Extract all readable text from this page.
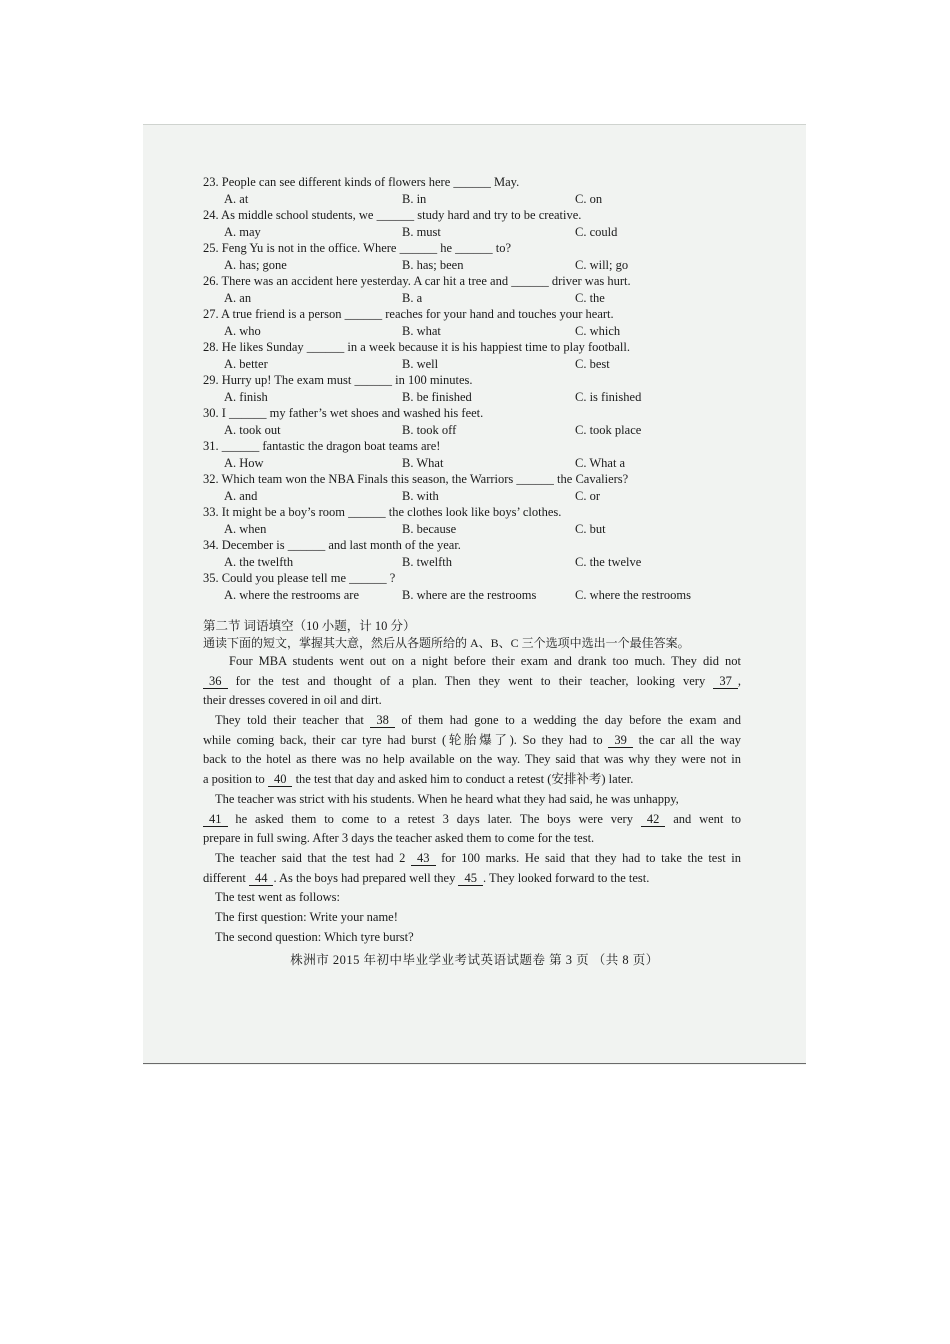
23. People can see different kinds of flowers here ______ May.
A. at	B. in	C. on
24. As middle school students, we ______ study hard and try to be creative.
A. may	B. must	C. could
25. Feng Yu is not in the office. Where ______ he ______ to?
A. has; gone	B. has; been	C. will; go
26. There was an accident here yesterday. A car hit a tree and ______ driver was hurt.
A. an	B. a	C. the
27. A true friend is a person ______ reaches for your hand and touches your heart.
A. who	B. what	C. which
28. He likes Sunday ______ in a week because it is his happiest time to play football.
A. better	B. well	C. best
29. Hurry up! The exam must ______ in 100 minutes.
A. finish	B. be finished	C. is finished
30. I ______ my father’s wet shoes and washed his feet.
A. took out	B. took off	C. took place
31. ______ fantastic the dragon boat teams are!
A. How	B. What	C. What a
32. Which team won the NBA Finals this season, the Warriors ______ the Cavaliers?
A. and	B. with	C. or
33. It might be a boy’s room ______ the clothes look like boys’ clothes.
A. when	B. because	C. but
34. December is ______ and last month of the year.
A. the twelfth	B. twelfth	C. the twelve
35. Could you please tell me ______ ?
A. where the restrooms are	B. where are the restrooms	C. where the restrooms
第二节 词语填空（10 小题，计 10 分）
通读下面的短文，掌握其大意，然后从各题所给的 A、B、C 三个选项中选出一个最佳答案。
Four MBA students went out on a night before their exam and drank too much. They did not
36 for the test and thought of a plan. Then they went to their teacher, looking very 37 ,
their dresses covered in oil and dirt.
They told their teacher that 38 of them had gone to a wedding the day before the exam and
while coming back, their car tyre had burst (轮胎爆了). So they had to 39 the car all the way
back to the hotel as there was no help available on the way. They said that was why they were not in
a position to 40 the test that day and asked him to conduct a retest (安排补考) later.
The teacher was strict with his students. When he heard what they had said, he was unhappy,
41 he asked them to come to a retest 3 days later. The boys were very 42 and went to
prepare in full swing. After 3 days the teacher asked them to come for the test.
The teacher said that the test had 2 43 for 100 marks. He said that they had to take the test in
different 44 . As the boys had prepared well they 45 . They looked forward to the test.
The test went as follows:
The first question: Write your name!
The second question: Which tyre burst?
株洲市 2015 年初中毕业学业考试英语试题卷 第 3 页 （共 8 页）
